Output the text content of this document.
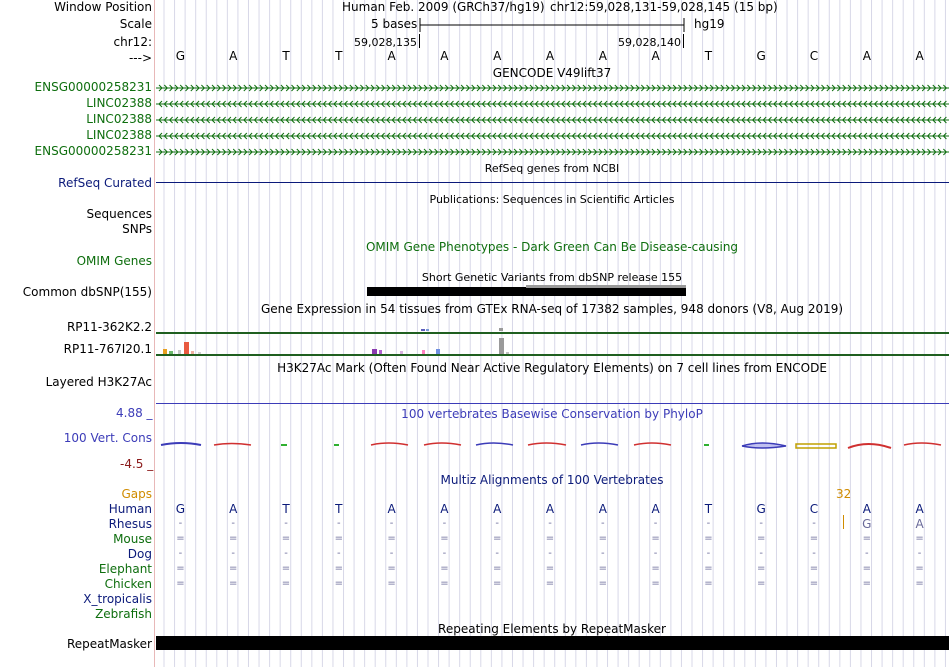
Window Position
Scale
chr12:
--->
Human Feb. 2009 (GRCh37/hg19) chr12:59,028,131-59,028,145 (15 bp)
5 bases	hg19
59,028,135	59,028,140
GENCODE V49lift37
RefSeq genes from NCBI
RefSeq Curated
Publications: Sequences in Scientific Articles
Sequences
SNPs
OMIM Gene Phenotypes - Dark Green Can Be Disease-causing
OMIM Genes
Short Genetic Variants from dbSNP release 155
Common dbSNP(155)
Gene Expression in 54 tissues from GTEx RNA-seq of 17382 samples, 948 donors (V8, Aug 2019)
RP11-362K2.2
RP11-767I20.1
H3K27Ac Mark (Often Found Near Active Regulatory Elements) on 7 cell lines from ENCODE
Layered H3K27Ac
100 vertebrates Basewise Conservation by PhyloP
4.88 _
100 Vert. Cons
-4.5 _
Multiz Alignments of 100 Vertebrates
Gaps	32
Repeating Elements by RepeatMasker
RepeatMasker
G	A	T	T	A	A	A	A	A	A	T	G	C	A	A
ENSG00000258231
LINC02388
LINC02388
LINC02388
ENSG00000258231
Human G	A	T	T	A	A	A	A	A	A	T	G	C	A	A
Rhesus	-	-	-	-	-	-	-	-	-	-	-	-	-	G	A
Mouse =	=	=	=	=	=	=	=	=	=	=	=	=	=	=
Dog	-	-	-	-	-	-	-	-	-	-	-	-	-	-	-
Elephant =	=	=	=	=	=	=	=	=	=	=	=	=	=	=
Chicken =	=	=	=	=	=	=	=	=	=	=	=	=	=	=
X_tropicalis
Zebrafish
